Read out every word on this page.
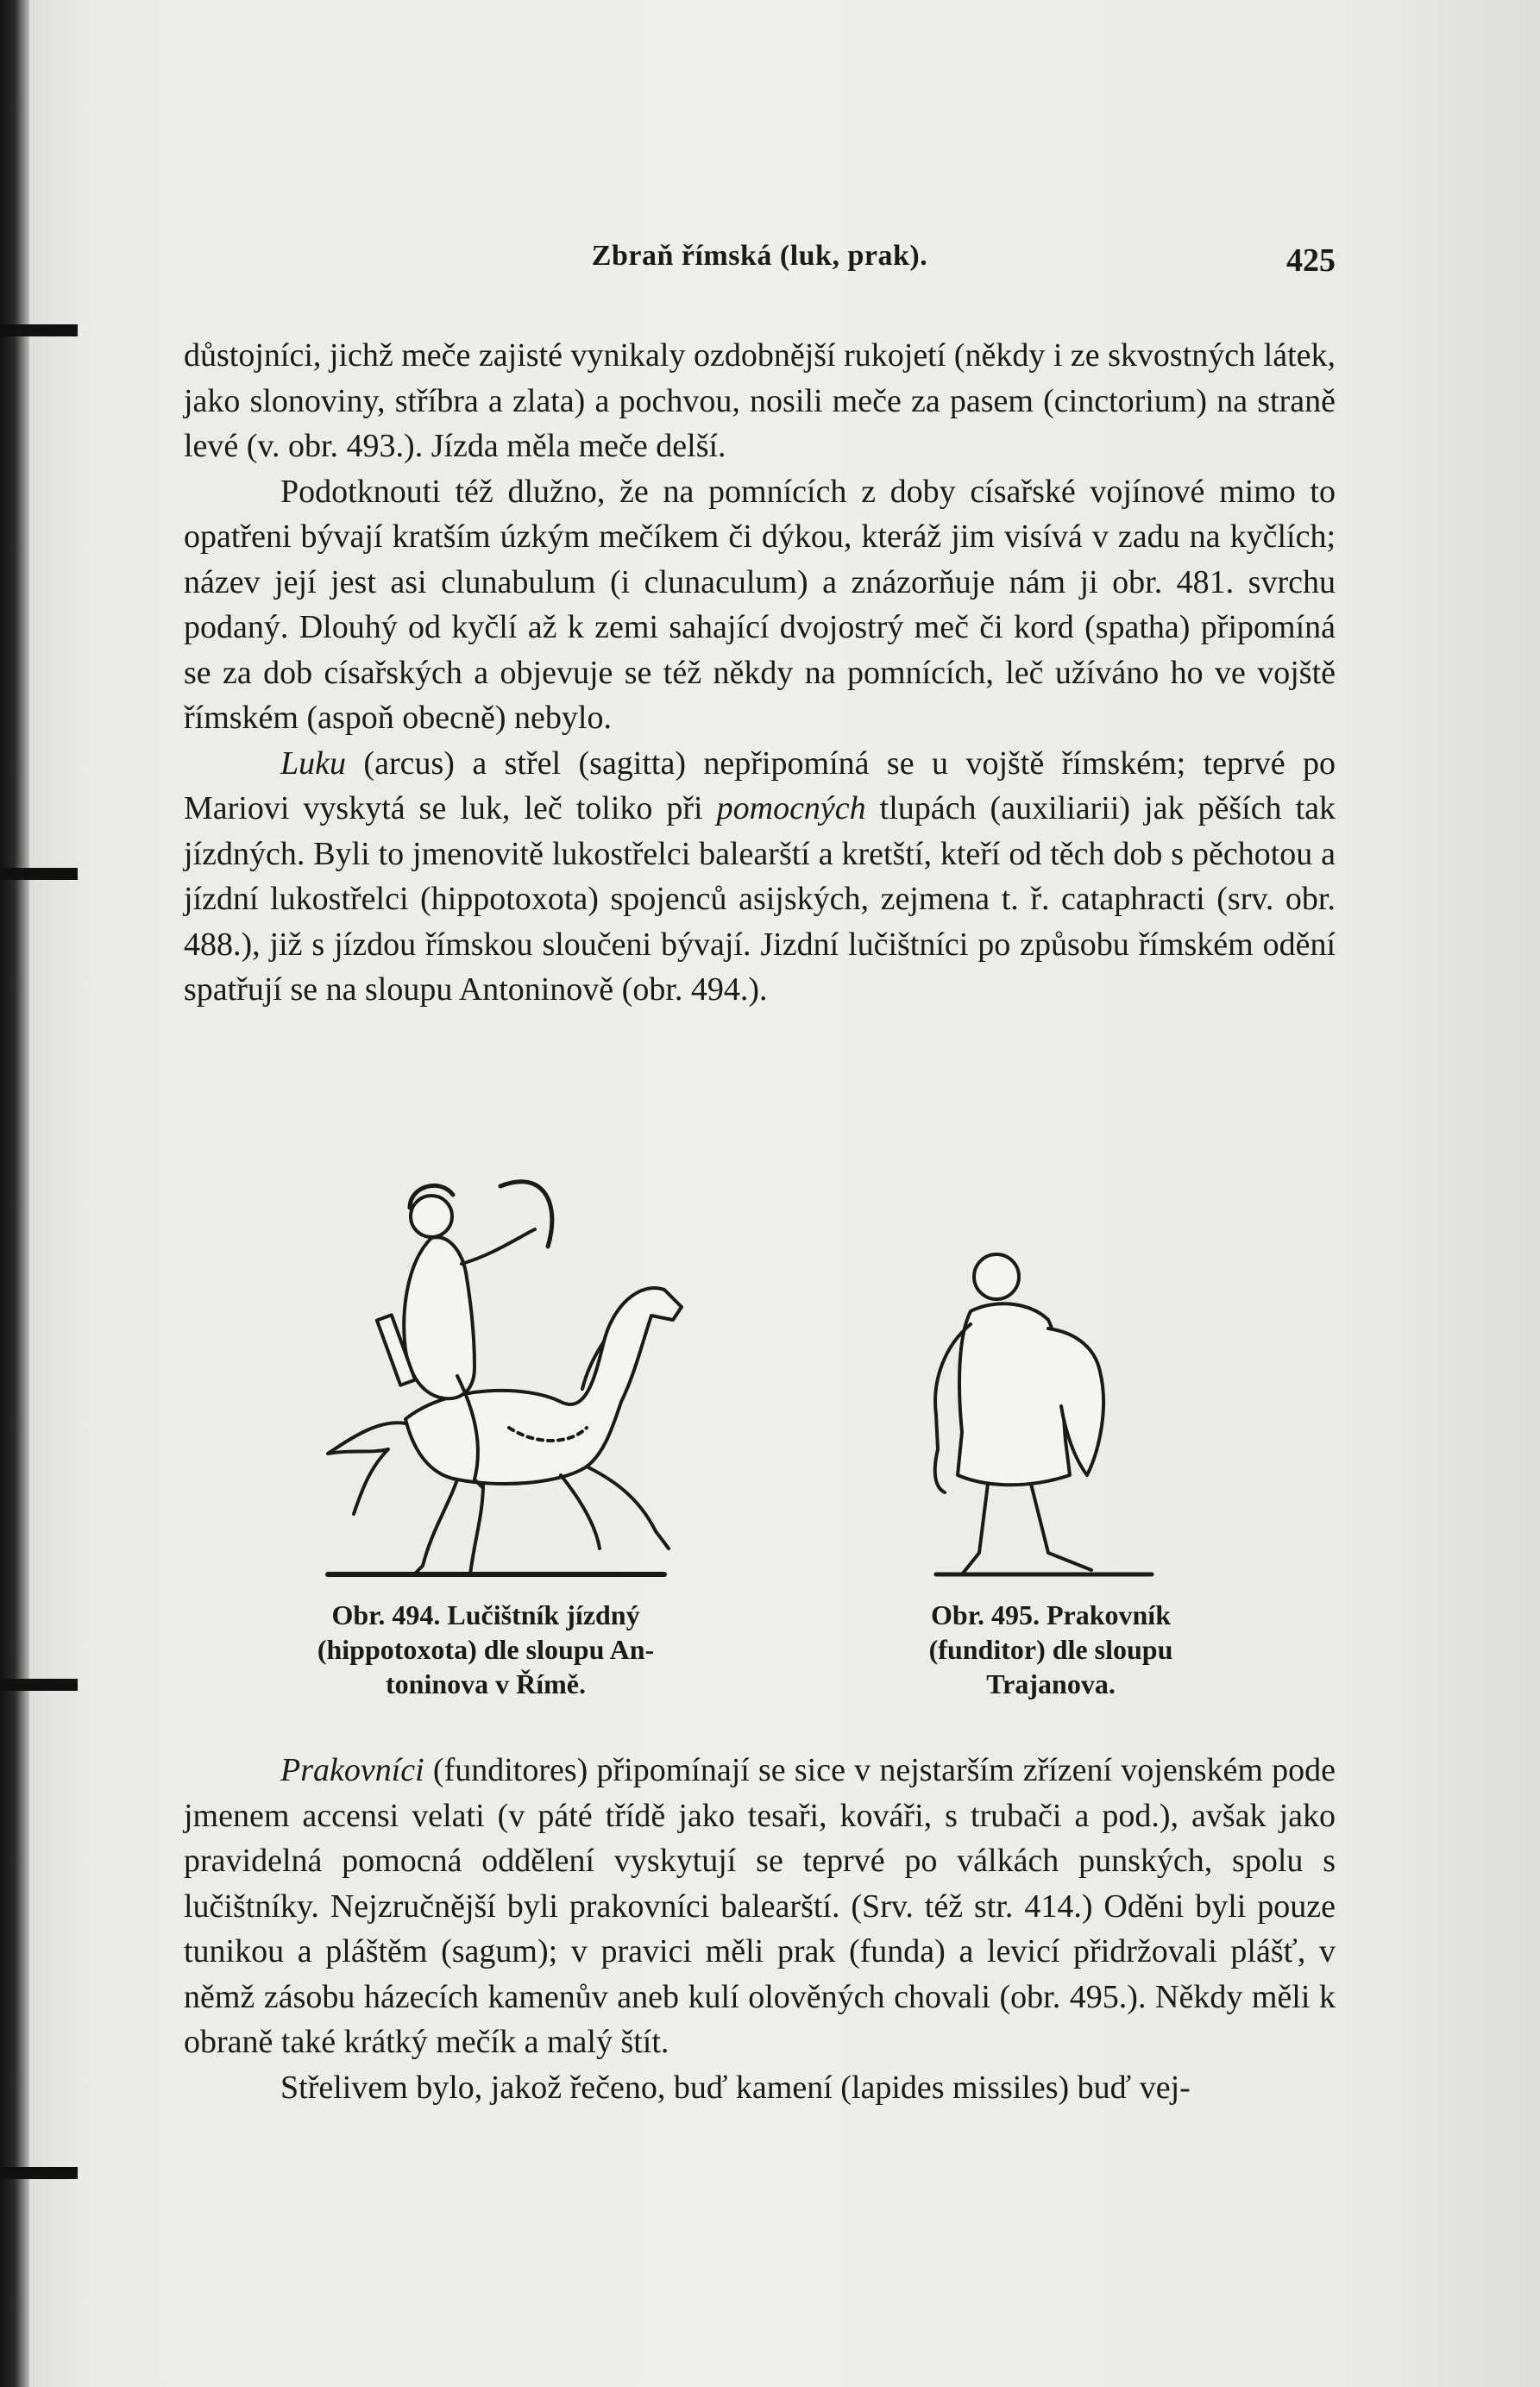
Zbraň římská (luk, prak).	425

důstojníci, jichž meče zajisté vynikaly ozdobnější rukojetí (někdy i ze skvostných látek, jako slonoviny, stříbra a zlata) a pochvou, nosili meče za pasem (cinctorium) na straně levé (v. obr. 493.). Jízda měla meče delší.

Podotknouti též dlužno, že na pomnících z doby císařské vojínové mimo to opatřeni bývají kratším úzkým mečíkem či dýkou, kteráž jim visívá v zadu na kyčlích; název její jest asi clunabulum (i clunaculum) a znázorňuje nám ji obr. 481. svrchu podaný. Dlouhý od kyčlí až k zemi sahající dvojostrý meč či kord (spatha) připomíná se za dob císařských a objevuje se též někdy na pomnících, leč užíváno ho ve vojště římském (aspoň obecně) nebylo.

Luku (arcus) a střel (sagitta) nepřipomíná se u vojště římském; teprvé po Mariovi vyskytá se luk, leč toliko při pomocných tlupách (auxiliarii) jak pěších tak jízdných. Byli to jmenovitě lukostřelci balearští a kretští, kteří od těch dob s pěchotou a jízdní lukostřelci (hippotoxota) spojenců asijských, zejmena t. ř. cataphracti (srv. obr. 488.), již s jízdou římskou sloučeni bývají. Jizdní lučištníci po způsobu římském odění spatřují se na sloupu Antoninově (obr. 494.).

Obr. 494. Lučištník jízdný
(hippotoxota) dle sloupu An-
toninova v Římě.
Obr. 495. Prakovník
(funditor) dle sloupu
Trajanova.

Prakovníci (funditores) připomínají se sice v nejstarším zřízení vojenském pode jmenem accensi velati (v páté třídě jako tesaři, kováři, s trubači a pod.), avšak jako pravidelná pomocná oddělení vyskytují se teprvé po válkách punských, spolu s lučištníky. Nejzručnější byli prakovníci balearští. (Srv. též str. 414.) Oděni byli pouze tunikou a pláštěm (sagum); v pravici měli prak (funda) a levicí přidržovali plášť, v němž zásobu házecích kamenův aneb kulí olověných chovali (obr. 495.). Někdy měli k obraně také krátký mečík a malý štít.

Střelivem bylo, jakož řečeno, buď kamení (lapides missiles) buď vej-
